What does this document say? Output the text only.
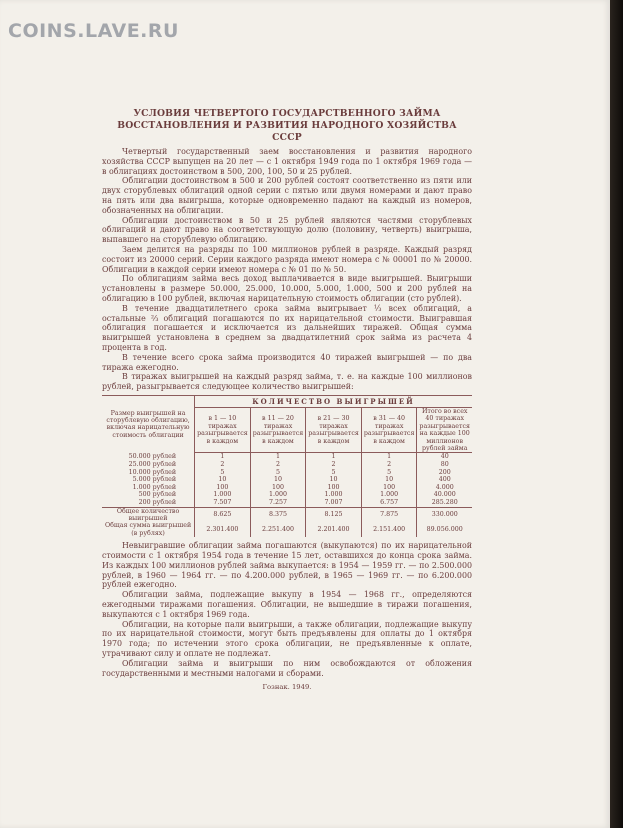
COINS.LAVE.RU
УСЛОВИЯ ЧЕТВЕРТОГО ГОСУДАРСТВЕННОГО ЗАЙМА
ВОССТАНОВЛЕНИЯ И РАЗВИТИЯ НАРОДНОГО ХОЗЯЙСТВА СССР

Четвертый государственный заем восстановления и развития народного хозяйства СССР выпущен на 20 лет — с 1 октября 1949 года по 1 октября 1969 года — в облигациях достоинством в 500, 200, 100, 50 и 25 рублей.

Облигации достоинством в 500 и 200 рублей состоят соответственно из пяти или двух сторублевых облигаций одной серии с пятью или двумя номерами и дают право на пять или два выигрыша, которые одновременно падают на каждый из номеров, обозначенных на облигации.

Облигации достоинством в 50 и 25 рублей являются частями сторублевых облигаций и дают право на соответствующую долю (половину, четверть) выигрыша, выпавшего на сторублевую облигацию.

Заем делится на разряды по 100 миллионов рублей в разряде. Каждый разряд состоит из 20000 серий. Серии каждого разряда имеют номера с № 00001 по № 20000. Облигации в каждой серии имеют номера с № 01 по № 50.

По облигациям займа весь доход выплачивается в виде выигрышей. Выигрыши установлены в размере 50.000, 25.000, 10.000, 5.000, 1.000, 500 и 200 рублей на облигацию в 100 рублей, включая нарицательную стоимость облигации (сто рублей).

В течение двадцатилетнего срока займа выигрывает ⅓ всех облигаций, а остальные ⅔ облигаций погашаются по их нарицательной стоимости. Выигравшая облигация погашается и исключается из дальнейших тиражей. Общая сумма выигрышей установлена в среднем за двадцатилетний срок займа из расчета 4 процента в год.

В течение всего срока займа производится 40 тиражей выигрышей — по два тиража ежегодно.

В тиражах выигрышей на каждый разряд займа, т. е. на каждые 100 миллионов рублей, разыгрывается следующее количество выигрышей:

Размер выигрышей на сторублевую облигацию, включая нарицательную стоимость облигации	КОЛИЧЕСТВО ВЫИГРЫШЕЙ				
	в 1 — 10 тиражах разыгрывается в каждом	в 11 — 20 тиражах разыгрывается в каждом	в 21 — 30 тиражах разыгрывается в каждом	в 31 — 40 тиражах разыгрывается в каждом	Итого во всех 40 тиражах разыгрывается на каждые 100 миллионов рублей займа
50.000 рублей	1	1	1	1	40
25.000 рублей	2	2	2	2	80
10.000 рублей	5	5	5	5	200
5.000 рублей	10	10	10	10	400
1.000 рублей	100	100	100	100	4.000
500 рублей	1.000	1.000	1.000	1.000	40.000
200 рублей	7.507	7.257	7.007	6.757	285.280
Общее количество выигрышей	8.625	8.375	8.125	7.875	330.000
Общая сумма выигрышей (в рублях)	2.301.400	2.251.400	2.201.400	2.151.400	89.056.000

Невыигравшие облигации займа погашаются (выкупаются) по их нарицательной стоимости с 1 октября 1954 года в течение 15 лет, оставшихся до конца срока займа. Из каждых 100 миллионов рублей займа выкупается: в 1954 — 1959 гг. — по 2.500.000 рублей, в 1960 — 1964 гг. — по 4.200.000 рублей, в 1965 — 1969 гг. — по 6.200.000 рублей ежегодно.

Облигации займа, подлежащие выкупу в 1954 — 1968 гг., определяются ежегодными тиражами погашения. Облигации, не вышедшие в тиражи погашения, выкупаются с 1 октября 1969 года.

Облигации, на которые пали выигрыши, а также облигации, подлежащие выкупу по их нарицательной стоимости, могут быть предъявлены для оплаты до 1 октября 1970 года; по истечении этого срока облигации, не предъявленные к оплате, утрачивают силу и оплате не подлежат.

Облигации займа и выигрыши по ним освобождаются от обложения государственными и местными налогами и сборами.

Гознак. 1949.
